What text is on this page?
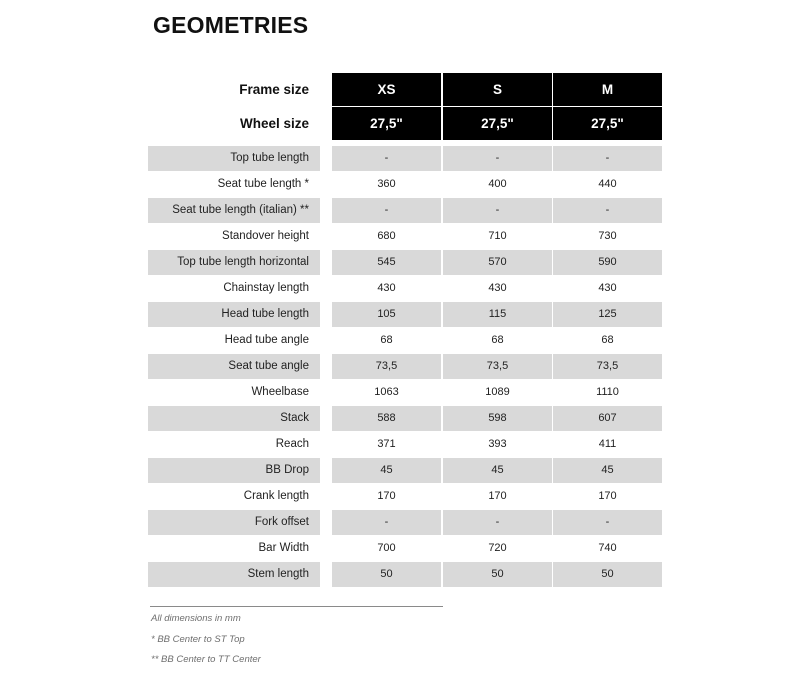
GEOMETRIES
Frame size	XS	S	M
Wheel size	27,5"	27,5"	27,5"
Top tube length	-	-	-
Seat tube length *	360	400	440
Seat tube length (italian) **	-	-	-
Standover height	680	710	730
Top tube length horizontal	545	570	590
Chainstay length	430	430	430
Head tube length	105	115	125
Head tube angle	68	68	68
Seat tube angle	73,5	73,5	73,5
Wheelbase	1063	1089	1110
Stack	588	598	607
Reach	371	393	411
BB Drop	45	45	45
Crank length	170	170	170
Fork offset	-	-	-
Bar Width	700	720	740
Stem length	50	50	50
All dimensions in mm
* BB Center to ST Top
** BB Center to TT Center
